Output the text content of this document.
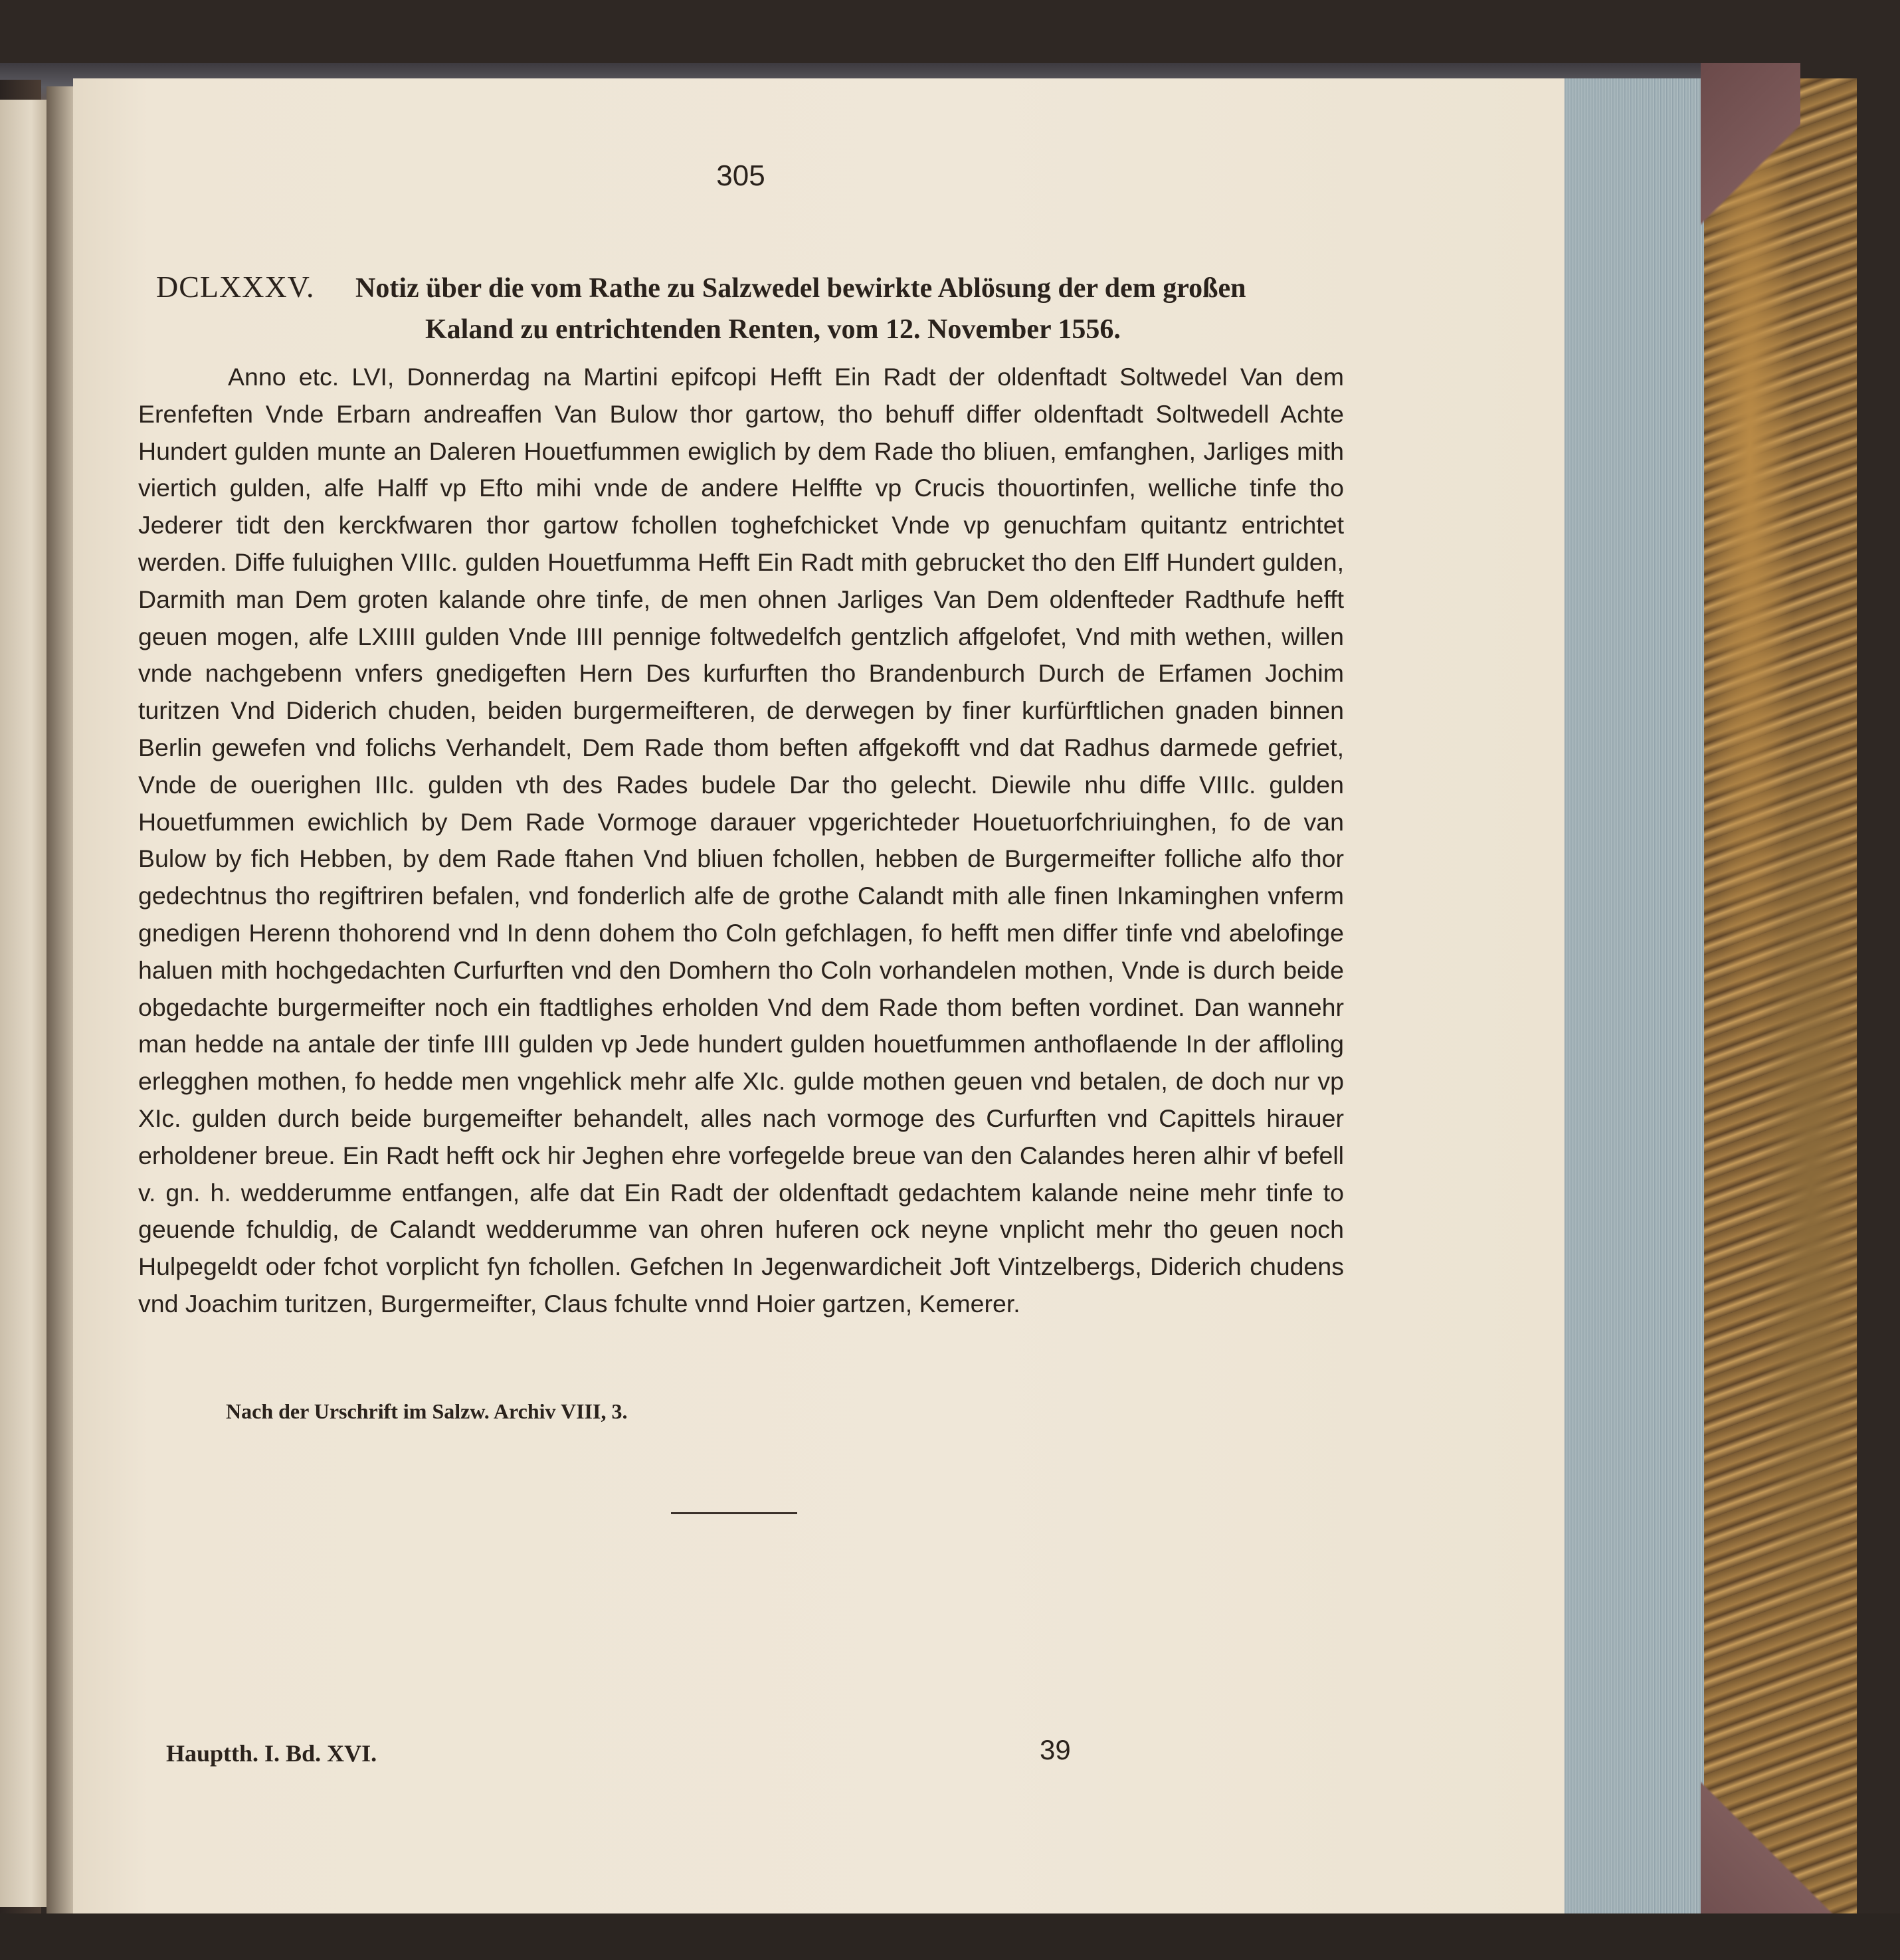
305
DCLXXXV. Notiz über die vom Rathe zu Salzwedel bewirkte Ablösung der dem großen
Kaland zu entrichtenden Renten, vom 12. November 1556.
Anno etc. LVI, Donnerdag na Martini epifcopi Hefft Ein Radt der oldenftadt Soltwedel Van dem Erenfeften Vnde Erbarn andreaffen Van Bulow thor gartow, tho behuff differ oldenftadt Soltwedell Achte Hundert gulden munte an Daleren Houetfummen ewiglich by dem Rade tho bliuen, emfanghen, Jarliges mith viertich gulden, alfe Halff vp Efto mihi vnde de andere Helffte vp Crucis thouortinfen, welliche tinfe tho Jederer tidt den kerckfwaren thor gartow fchollen toghefchicket Vnde vp genuchfam quitantz entrichtet werden. Diffe fuluighen VIIIc. gulden Houetfumma Hefft Ein Radt mith gebrucket tho den Elff Hundert gulden, Darmith man Dem groten kalande ohre tinfe, de men ohnen Jarliges Van Dem oldenfteder Radthufe hefft geuen mogen, alfe LXIIII gulden Vnde IIII pennige foltwedelfch gentzlich affgelofet, Vnd mith wethen, willen vnde nachgebenn vnfers gnedigeften Hern Des kurfurften tho Brandenburch Durch de Erfamen Jochim turitzen Vnd Diderich chuden, beiden burgermeifteren, de derwegen by finer kurfürftlichen gnaden binnen Berlin gewefen vnd folichs Verhandelt, Dem Rade thom beften affgekofft vnd dat Radhus darmede gefriet, Vnde de ouerighen IIIc. gulden vth des Rades budele Dar tho gelecht. Diewile nhu diffe VIIIc. gulden Houetfummen ewichlich by Dem Rade Vormoge darauer vpgerichteder Houetuorfchriuinghen, fo de van Bulow by fich Hebben, by dem Rade ftahen Vnd bliuen fchollen, hebben de Burgermeifter folliche alfo thor gedechtnus tho regiftriren befalen, vnd fonderlich alfe de grothe Calandt mith alle finen Inkaminghen vnferm gnedigen Herenn thohorend vnd In denn dohem tho Coln gefchlagen, fo hefft men differ tinfe vnd abelofinge haluen mith hochgedachten Curfurften vnd den Domhern tho Coln vorhandelen mothen, Vnde is durch beide obgedachte burgermeifter noch ein ftadtlighes erholden Vnd dem Rade thom beften vordinet. Dan wannehr man hedde na antale der tinfe IIII gulden vp Jede hundert gulden houetfummen anthoflaende In der affloling erlegghen mothen, fo hedde men vngehlick mehr alfe XIc. gulde mothen geuen vnd betalen, de doch nur vp XIc. gulden durch beide burgemeifter behandelt, alles nach vormoge des Curfurften vnd Capittels hirauer erholdener breue. Ein Radt hefft ock hir Jeghen ehre vorfegelde breue van den Calandes heren alhir vf befell v. gn. h. wedderumme entfangen, alfe dat Ein Radt der oldenftadt gedachtem kalande neine mehr tinfe to geuende fchuldig, de Calandt wedderumme van ohren huferen ock neyne vnplicht mehr tho geuen noch Hulpegeldt oder fchot vorplicht fyn fchollen. Gefchen In Jegenwardicheit Joft Vintzelbergs, Diderich chudens vnd Joachim turitzen, Burgermeifter, Claus fchulte vnnd Hoier gartzen, Kemerer.
Nach der Urschrift im Salzw. Archiv VIII, 3.
Hauptth. I. Bd. XVI.	39
